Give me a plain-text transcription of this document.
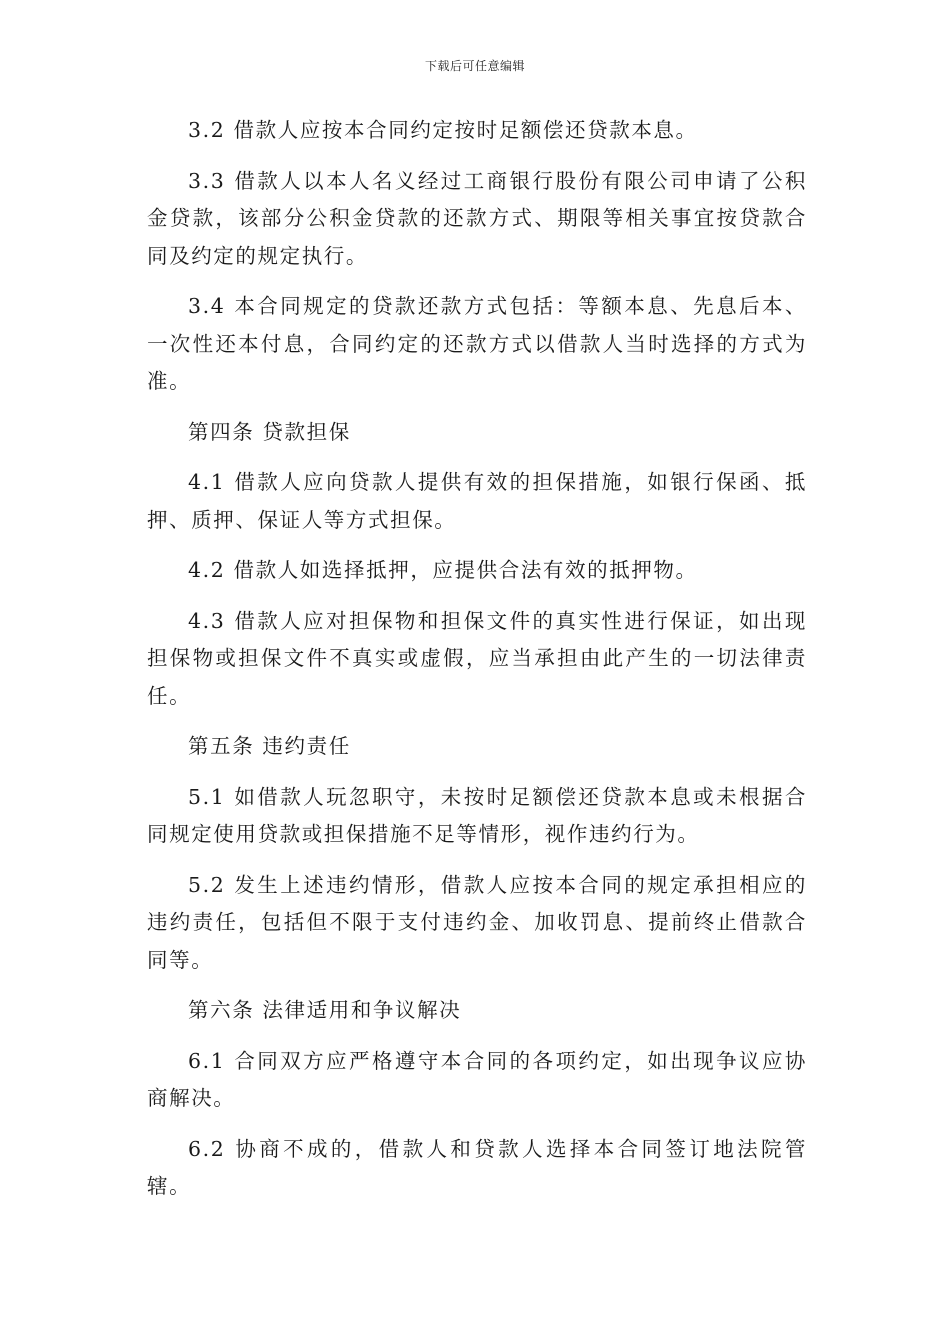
下载后可任意编辑

3.2 借款人应按本合同约定按时足额偿还贷款本息。

3.3 借款人以本人名义经过工商银行股份有限公司申请了公积金贷款，该部分公积金贷款的还款方式、期限等相关事宜按贷款合同及约定的规定执行。

3.4 本合同规定的贷款还款方式包括：等额本息、先息后本、一次性还本付息，合同约定的还款方式以借款人当时选择的方式为准。

第四条 贷款担保

4.1 借款人应向贷款人提供有效的担保措施，如银行保函、抵押、质押、保证人等方式担保。

4.2 借款人如选择抵押，应提供合法有效的抵押物。

4.3 借款人应对担保物和担保文件的真实性进行保证，如出现担保物或担保文件不真实或虚假，应当承担由此产生的一切法律责任。

第五条 违约责任

5.1 如借款人玩忽职守，未按时足额偿还贷款本息或未根据合同规定使用贷款或担保措施不足等情形，视作违约行为。

5.2 发生上述违约情形，借款人应按本合同的规定承担相应的违约责任，包括但不限于支付违约金、加收罚息、提前终止借款合同等。

第六条 法律适用和争议解决

6.1 合同双方应严格遵守本合同的各项约定，如出现争议应协商解决。

6.2 协商不成的，借款人和贷款人选择本合同签订地法院管辖。
